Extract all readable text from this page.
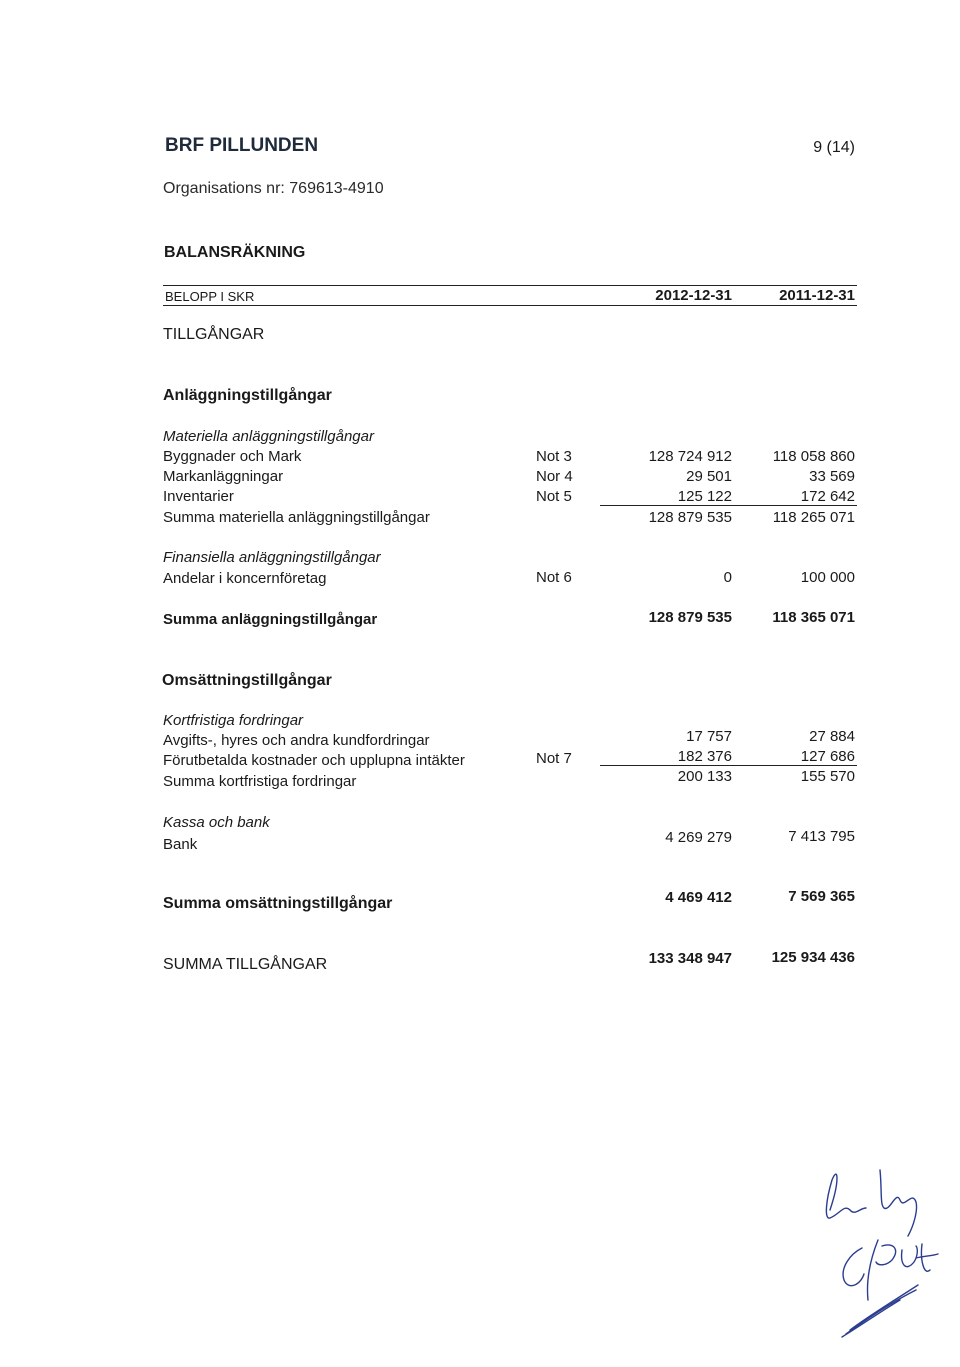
BRF PILLUNDEN	9 (14)
Organisations nr: 769613-4910
BALANSRÄKNING
BELOPP I SKR	2012-12-31	2011-12-31
TILLGÅNGAR
Anläggningstillgångar
Materiella anläggningstillgångar
Byggnader och Mark	Not 3	128 724 912	118 058 860
Markanläggningar	Nor 4	29 501	33 569
Inventarier	Not 5	125 122	172 642
Summa materiella anläggningstillgångar	128 879 535	118 265 071
Finansiella anläggningstillgångar
Andelar i koncernföretag	Not 6	0	100 000
Summa anläggningstillgångar	128 879 535	118 365 071
Omsättningstillgångar
Kortfristiga fordringar
Avgifts-, hyres och andra kundfordringar	17 757	27 884
Förutbetalda kostnader och upplupna intäkter	Not 7	182 376	127 686
Summa kortfristiga fordringar	200 133	155 570
Kassa och bank
Bank	4 269 279	7 413 795
Summa omsättningstillgångar	4 469 412	7 569 365
SUMMA TILLGÅNGAR	133 348 947	125 934 436
